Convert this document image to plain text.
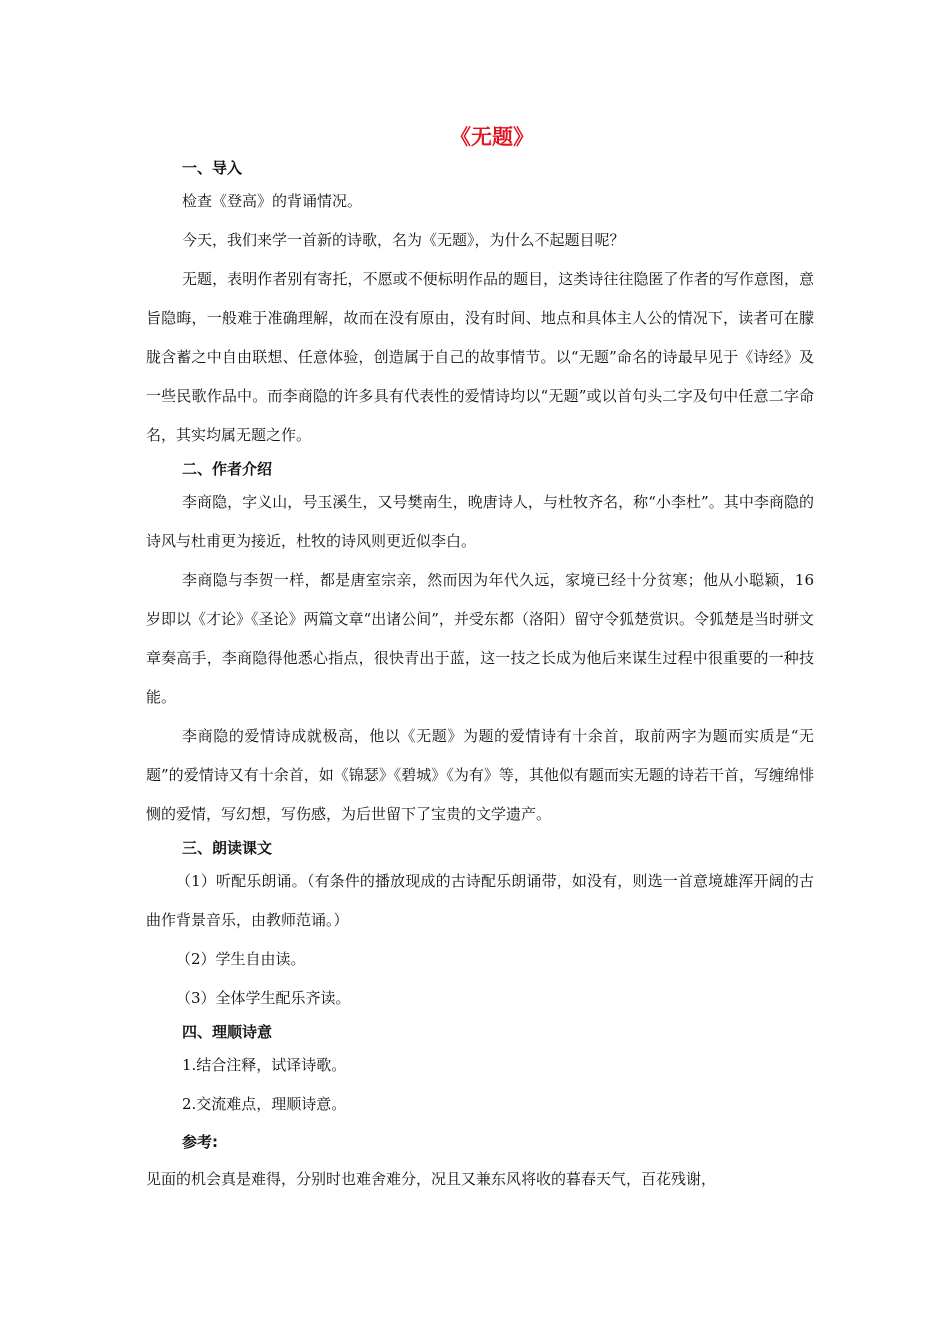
《无题》
一、导入

检查《登高》的背诵情况。

今天，我们来学一首新的诗歌，名为《无题》，为什么不起题目呢？

无题，表明作者别有寄托，不愿或不便标明作品的题目，这类诗往往隐匿了作者的写作意图，意旨隐晦，一般难于准确理解，故而在没有原由，没有时间、地点和具体主人公的情况下，读者可在朦胧含蓄之中自由联想、任意体验，创造属于自己的故事情节。以“无题”命名的诗最早见于《诗经》及一些民歌作品中。而李商隐的许多具有代表性的爱情诗均以“无题”或以首句头二字及句中任意二字命名，其实均属无题之作。

二、作者介绍

李商隐，字义山，号玉溪生，又号樊南生，晚唐诗人，与杜牧齐名，称“小李杜”。其中李商隐的诗风与杜甫更为接近，杜牧的诗风则更近似李白。

李商隐与李贺一样，都是唐室宗亲，然而因为年代久远，家境已经十分贫寒；他从小聪颖，16岁即以《才论》《圣论》两篇文章“出诸公间”，并受东都（洛阳）留守令狐楚赏识。令狐楚是当时骈文章奏高手，李商隐得他悉心指点，很快青出于蓝，这一技之长成为他后来谋生过程中很重要的一种技能。

李商隐的爱情诗成就极高，他以《无题》为题的爱情诗有十余首，取前两字为题而实质是“无题”的爱情诗又有十余首，如《锦瑟》《碧城》《为有》等，其他似有题而实无题的诗若干首，写缠绵悱恻的爱情，写幻想，写伤感，为后世留下了宝贵的文学遗产。

三、朗读课文

（1）听配乐朗诵。（有条件的播放现成的古诗配乐朗诵带，如没有，则选一首意境雄浑开阔的古曲作背景音乐，由教师范诵。）

（2）学生自由读。

（3）全体学生配乐齐读。

四、理顺诗意

1.结合注释，试译诗歌。

2.交流难点，理顺诗意。

参考:

见面的机会真是难得，分别时也难舍难分，况且又兼东风将收的暮春天气，百花残谢，
